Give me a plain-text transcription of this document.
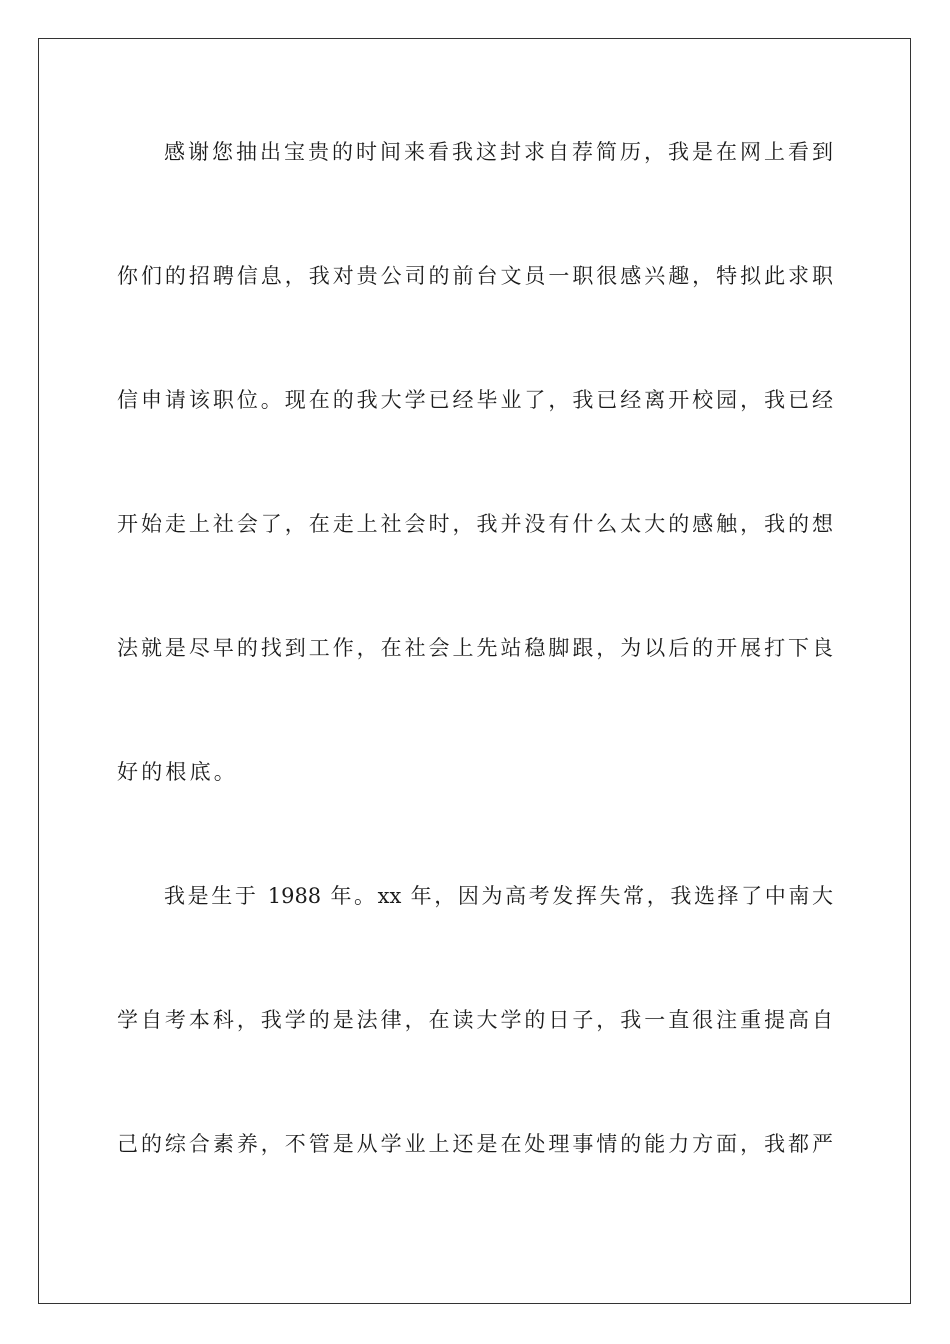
感谢您抽出宝贵的时间来看我这封求自荐简历，我是在网上看到
你们的招聘信息，我对贵公司的前台文员一职很感兴趣，特拟此求职
信申请该职位。现在的我大学已经毕业了，我已经离开校园，我已经
开始走上社会了，在走上社会时，我并没有什么太大的感触，我的想
法就是尽早的找到工作，在社会上先站稳脚跟，为以后的开展打下良
好的根底。
我是生于 1988 年。xx 年，因为高考发挥失常，我选择了中南大
学自考本科，我学的是法律，在读大学的日子，我一直很注重提高自
己的综合素养，不管是从学业上还是在处理事情的能力方面，我都严
